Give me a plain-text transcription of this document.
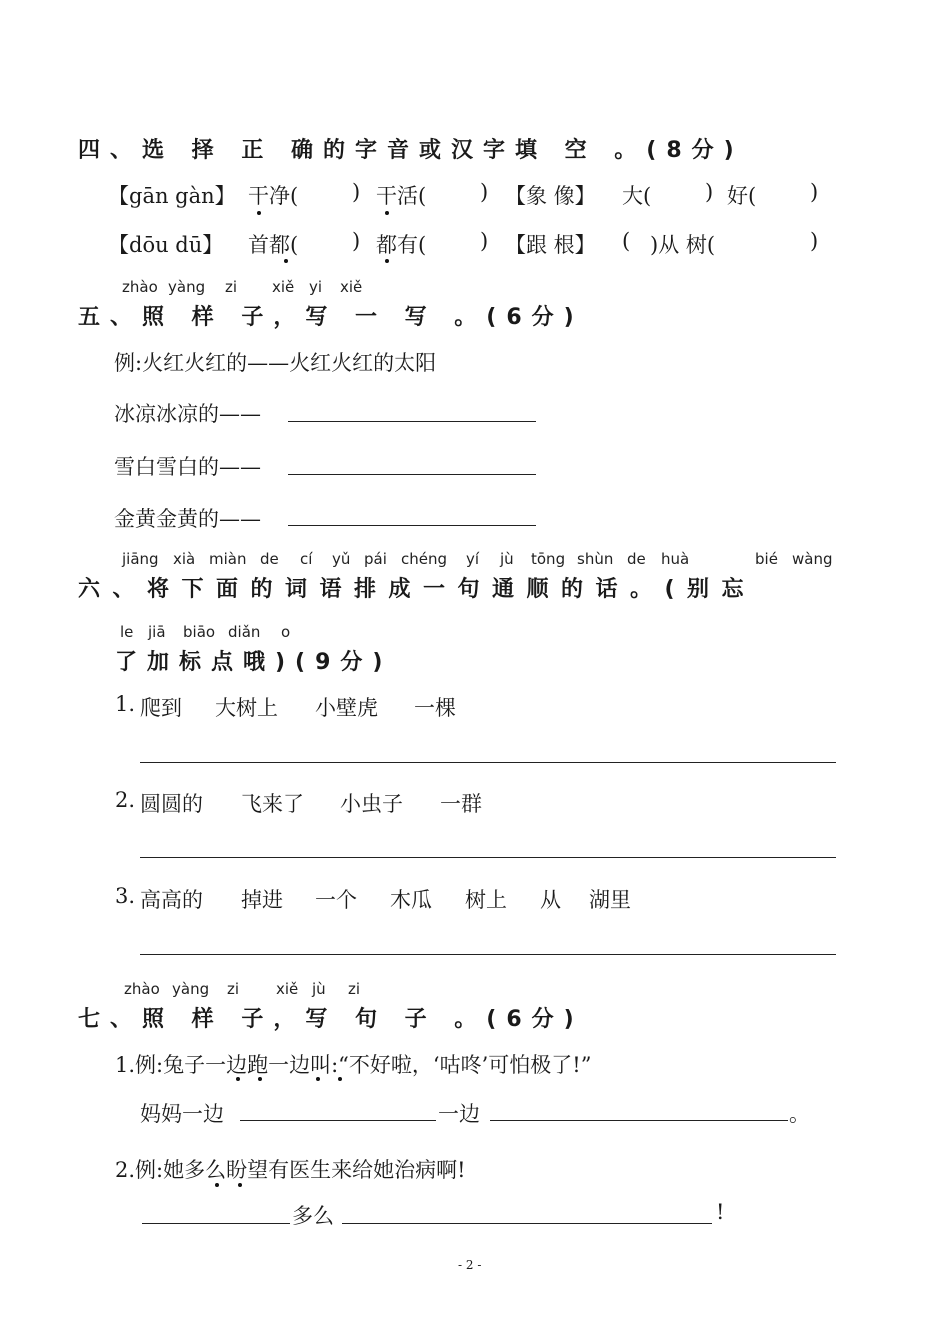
四、选 择 正 确的字音或汉字填 空 。(8分)
【gān gàn】 干净(	) 干活(	) 【象 像】 大(	) 好(	)
【dōu dū】 首都(	) 都有(	) 【跟 根】 ( )从 树(	)
zhào yàng zi xiě yi xiě
五、照 样 子，写 一 写 。(6分)
例:火红火红的——火红火红的太阳
冰凉冰凉的——
雪白雪白的——
金黄金黄的——
jiāng xià miàn de cí yǔ pái chéng yí jù tōng shùn de huà	bié wàng
六、将下面的词语排成一句通顺的话。(别忘
le jiā biāo diǎn o
了加标点哦)(9分)
1. 爬到 大树上 小壁虎 一棵
2. 圆圆的 飞来了 小虫子 一群
3. 高高的 掉进 一个 木瓜 树上 从 湖里
zhào yàng zi xiě jù zi
七、照 样 子，写 句 子 。(6分)
1.例:兔子一边跑一边叫:“不好啦，‘咕咚’可怕极了!”
妈妈一边	一边	。
2.例:她多么盼望有医生来给她治病啊!
多么	!
- 2 -
